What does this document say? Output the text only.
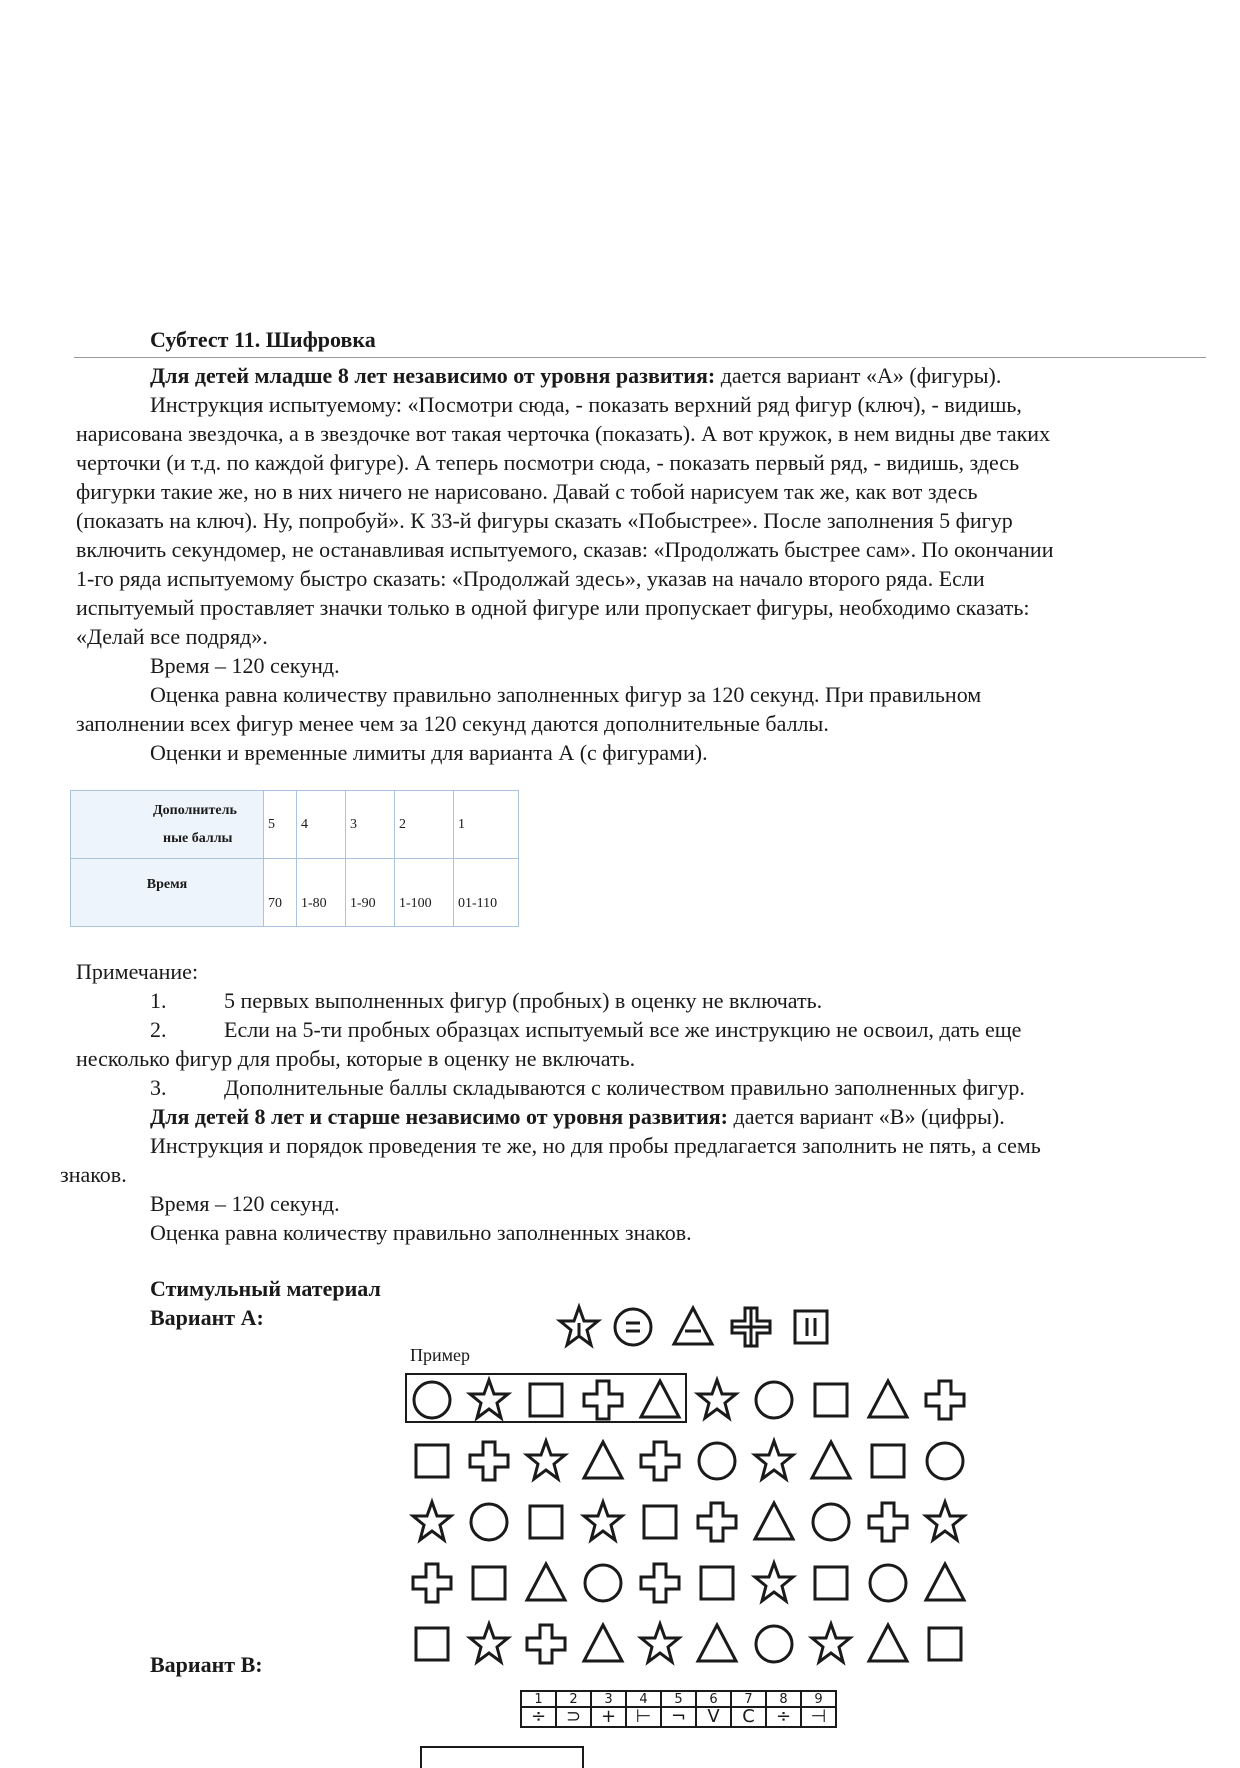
Субтест 11. Шифровка
Для детей младше 8 лет независимо от уровня развития: дается вариант «А» (фигуры).
Инструкция испытуемому: «Посмотри сюда, - показать верхний ряд фигур (ключ), - видишь,
нарисована звездочка, а в звездочке вот такая черточка (показать). А вот кружок, в нем видны две таких
черточки (и т.д. по каждой фигуре). А теперь посмотри сюда, - показать первый ряд, - видишь, здесь
фигурки такие же, но в них ничего не нарисовано. Давай с тобой нарисуем так же, как вот здесь
(показать на ключ). Ну, попробуй». К 33-й фигуры сказать «Побыстрее». После заполнения 5 фигур
включить секундомер, не останавливая испытуемого, сказав: «Продолжать быстрее сам». По окончании
1-го ряда испытуемому быстро сказать: «Продолжай здесь», указав на начало второго ряда. Если
испытуемый проставляет значки только в одной фигуре или пропускает фигуры, необходимо сказать:
«Делай все подряд».
Время – 120 секунд.
Оценка равна количеству правильно заполненных фигур за 120 секунд. При правильном
заполнении всех фигур менее чем за 120 секунд даются дополнительные баллы.
Оценки и временные лимиты для варианта А (с фигурами).
Дополнитель
ные баллы	5	4	3	2	1
Время	70	1-80	1-90	1-100	01-110
Примечание:
1.	5 первых выполненных фигур (пробных) в оценку не включать.
2.	Если на 5-ти пробных образцах испытуемый все же инструкцию не освоил, дать еще
несколько фигур для пробы, которые в оценку не включать.
3.	Дополнительные баллы складываются с количеством правильно заполненных фигур.
Для детей 8 лет и старше независимо от уровня развития: дается вариант «В» (цифры).
Инструкция и порядок проведения те же, но для пробы предлагается заполнить не пять, а семь
знаков.
Время – 120 секунд.
Оценка равна количеству правильно заполненных знаков.
Стимульный материал
Вариант А:
Вариант В:
Пример
1	2	3	4	5	6	7	8	9
÷	⊃	+	⊢	¬	V	C	÷	⊣
